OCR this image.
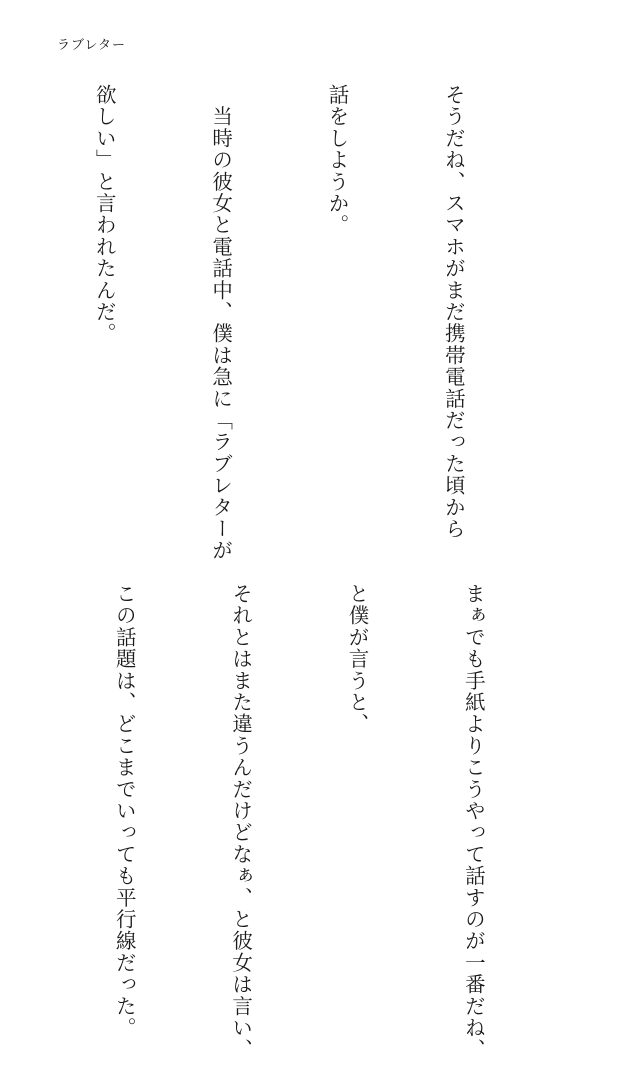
ラブレター

そうだね、スマホがまだ携帯電話だった頃から

話をしようか。

　当時の彼女と電話中、僕は急に「ラブレターが

欲しい」と言われたんだ。

まぁでも手紙よりこうやって話すのが一番だね、

と僕が言うと、

それとはまた違うんだけどなぁ、と彼女は言い、

この話題は、どこまでいっても平行線だった。
